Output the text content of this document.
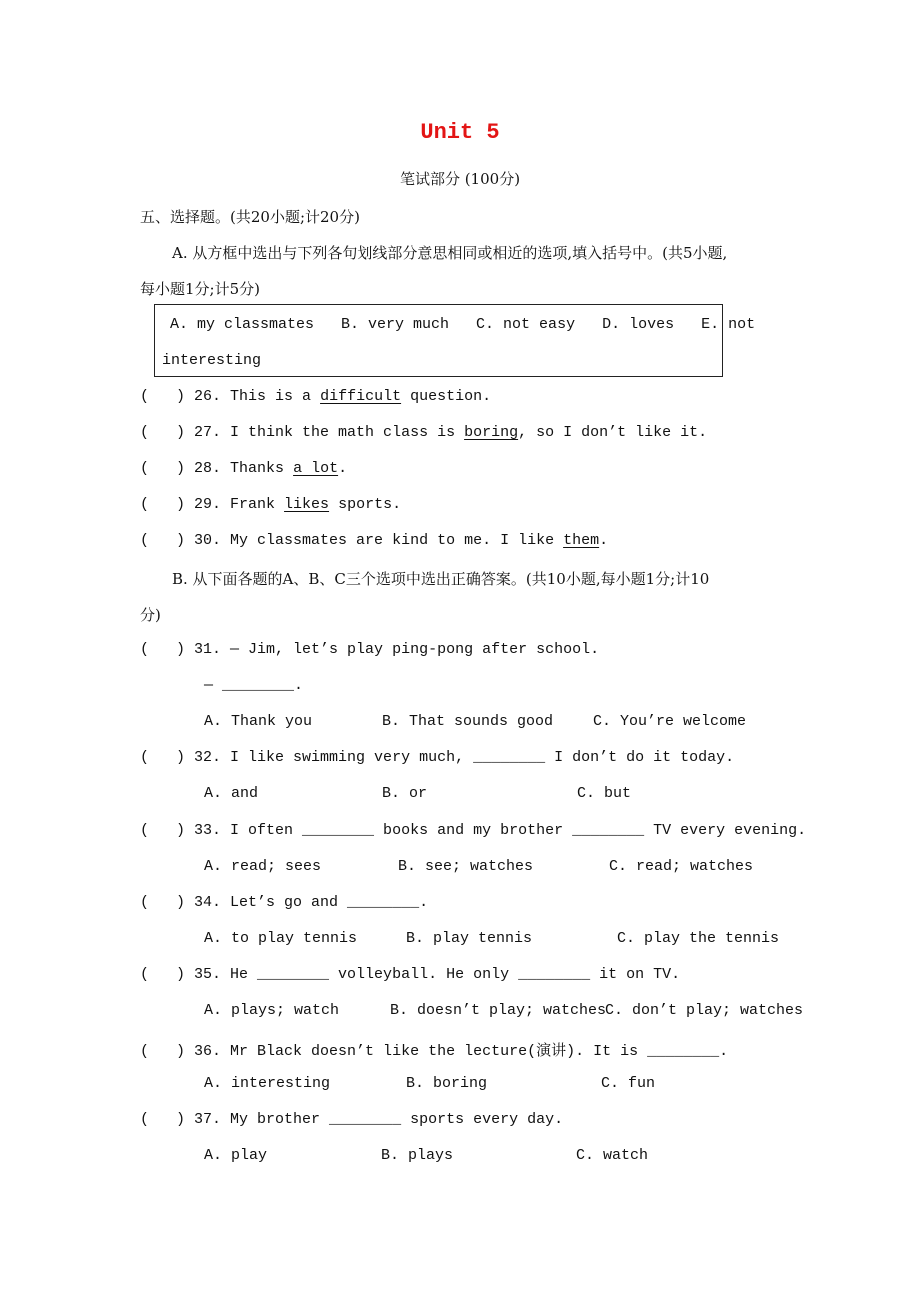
Unit 5
笔试部分 (100分)
五、选择题。(共20小题;计20分)
A. 从方框中选出与下列各句划线部分意思相同或相近的选项,填入括号中。(共5小题,
每小题1分;计5分)
A. my classmates   B. very much   C. not easy   D. loves   E. not
interesting
(   ) 26. This is a difficult question.
(   ) 27. I think the math class is boring, so I don’t like it.
(   ) 28. Thanks a lot.
(   ) 29. Frank likes sports.
(   ) 30. My classmates are kind to me. I like them.
B. 从下面各题的A、B、C三个选项中选出正确答案。(共10小题,每小题1分;计10
分)
(   ) 31. — Jim, let’s play ping-pong after school.
— ________.
A. Thank you	B. That sounds good	C. You’re welcome
(   ) 32. I like swimming very much, ________ I don’t do it today.
A. and	B. or	C. but
(   ) 33. I often ________ books and my brother ________ TV every evening.
A. read; sees	B. see; watches	C. read; watches
(   ) 34. Let’s go and ________.
A. to play tennis	B. play tennis	C. play the tennis
(   ) 35. He ________ volleyball. He only ________ it on TV.
A. plays; watch	B. doesn’t play; watches
C. don’t play; watches
(   ) 36. Mr Black doesn’t like the lecture(演讲). It is ________.
A. interesting	B. boring	C. fun
(   ) 37. My brother ________ sports every day.
A. play	B. plays	C. watch
